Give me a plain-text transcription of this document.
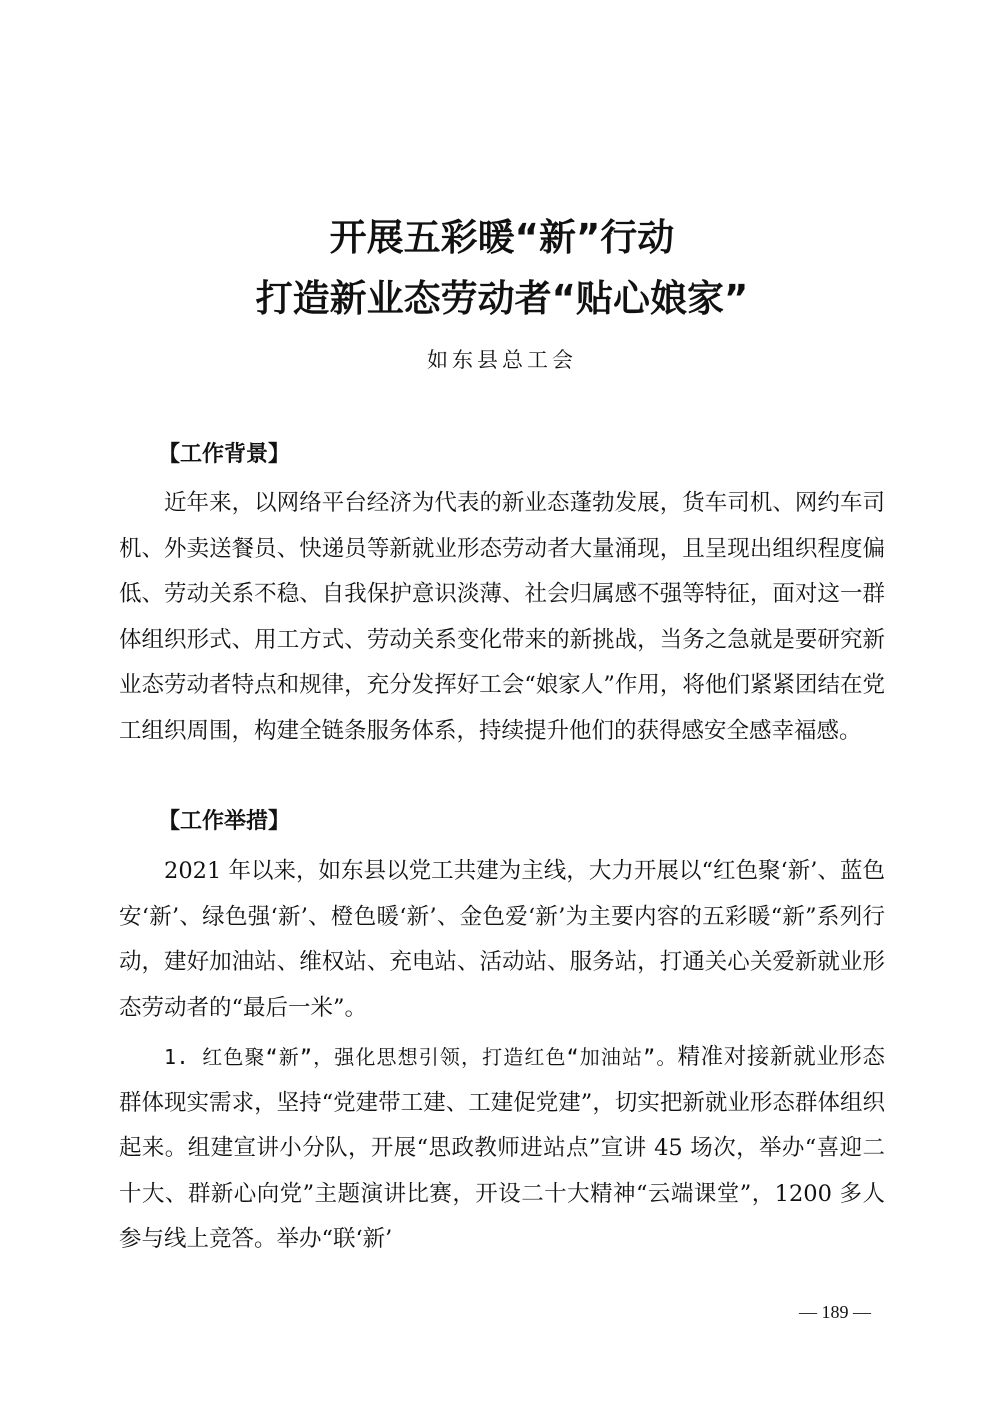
开展五彩暖“新”行动
打造新业态劳动者“贴心娘家”
如东县总工会
【工作背景】

近年来，以网络平台经济为代表的新业态蓬勃发展，货车司机、网约车司机、外卖送餐员、快递员等新就业形态劳动者大量涌现，且呈现出组织程度偏低、劳动关系不稳、自我保护意识淡薄、社会归属感不强等特征，面对这一群体组织形式、用工方式、劳动关系变化带来的新挑战，当务之急就是要研究新业态劳动者特点和规律，充分发挥好工会“娘家人”作用，将他们紧紧团结在党工组织周围，构建全链条服务体系，持续提升他们的获得感安全感幸福感。

【工作举措】

2021 年以来，如东县以党工共建为主线，大力开展以“红色聚‘新’、蓝色安‘新’、绿色强‘新’、橙色暖‘新’、金色爱‘新’为主要内容的五彩暖“新”系列行动，建好加油站、维权站、充电站、活动站、服务站，打通关心关爱新就业形态劳动者的“最后一米”。

1. 红色聚“新”，强化思想引领，打造红色“加油站”。精准对接新就业形态群体现实需求，坚持“党建带工建、工建促党建”，切实把新就业形态群体组织起来。组建宣讲小分队，开展“思政教师进站点”宣讲 45 场次，举办“喜迎二十大、群新心向党”主题演讲比赛，开设二十大精神“云端课堂”，1200 多人参与线上竞答。举办“联‘新’

— 189 —
